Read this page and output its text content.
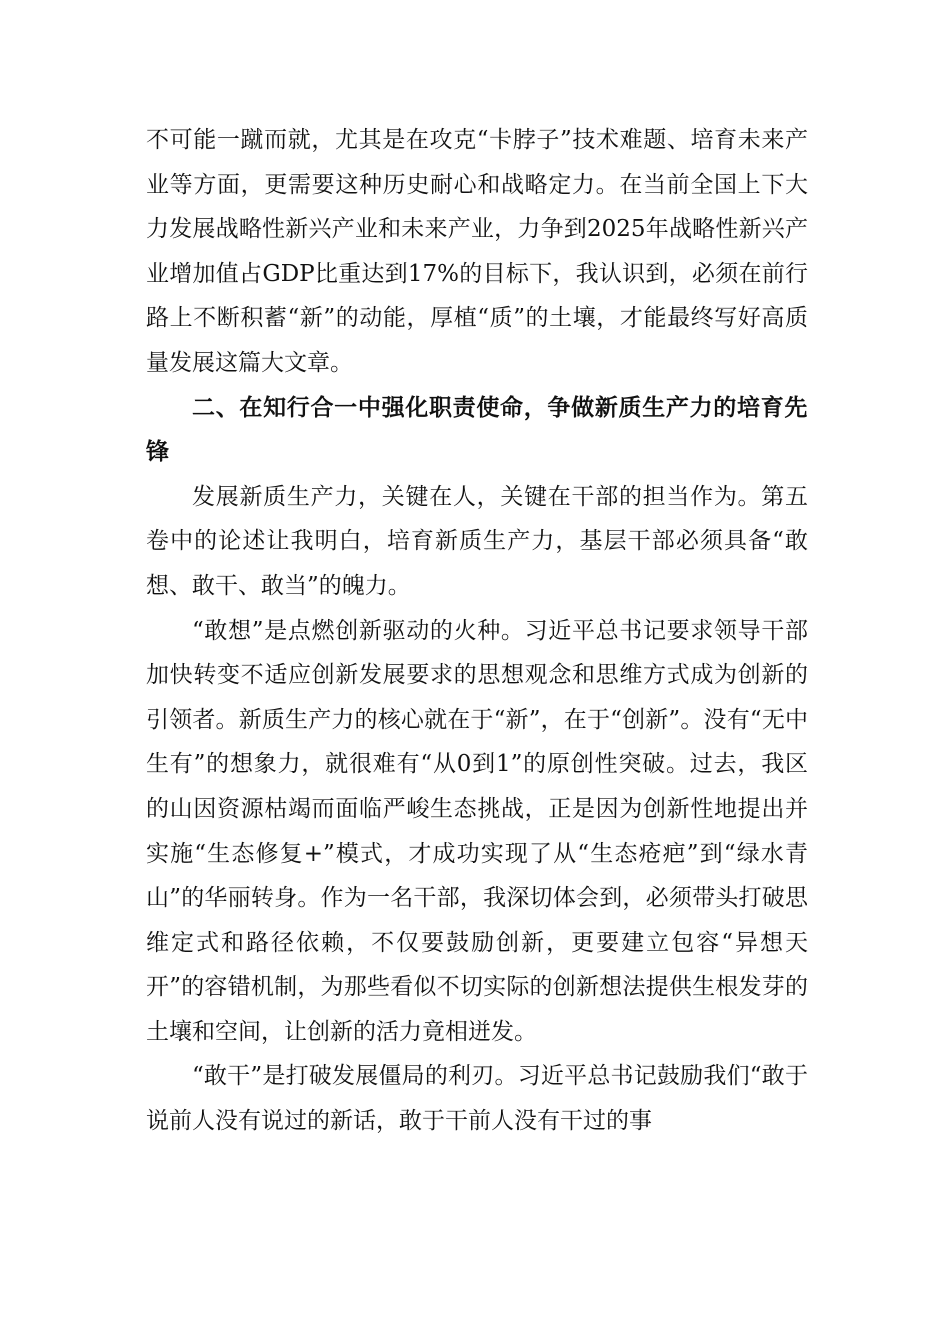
不可能一蹴而就，尤其是在攻克“卡脖子”技术难题、培育未来产业等方面，更需要这种历史耐心和战略定力。在当前全国上下大力发展战略性新兴产业和未来产业，力争到2025年战略性新兴产业增加值占GDP比重达到17%的目标下，我认识到，必须在前行路上不断积蓄“新”的动能，厚植“质”的土壤，才能最终写好高质量发展这篇大文章。

二、在知行合一中强化职责使命，争做新质生产力的培育先锋

发展新质生产力，关键在人，关键在干部的担当作为。第五卷中的论述让我明白，培育新质生产力，基层干部必须具备“敢想、敢干、敢当”的魄力。

“敢想”是点燃创新驱动的火种。习近平总书记要求领导干部加快转变不适应创新发展要求的思想观念和思维方式成为创新的引领者。新质生产力的核心就在于“新”，在于“创新”。没有“无中生有”的想象力，就很难有“从0到1”的原创性突破。过去，我区的山因资源枯竭而面临严峻生态挑战，正是因为创新性地提出并实施“生态修复+”模式，才成功实现了从“生态疮疤”到“绿水青山”的华丽转身。作为一名干部，我深切体会到，必须带头打破思维定式和路径依赖，不仅要鼓励创新，更要建立包容“异想天开”的容错机制，为那些看似不切实际的创新想法提供生根发芽的土壤和空间，让创新的活力竟相迸发。

“敢干”是打破发展僵局的利刃。习近平总书记鼓励我们“敢于说前人没有说过的新话，敢于干前人没有干过的事
